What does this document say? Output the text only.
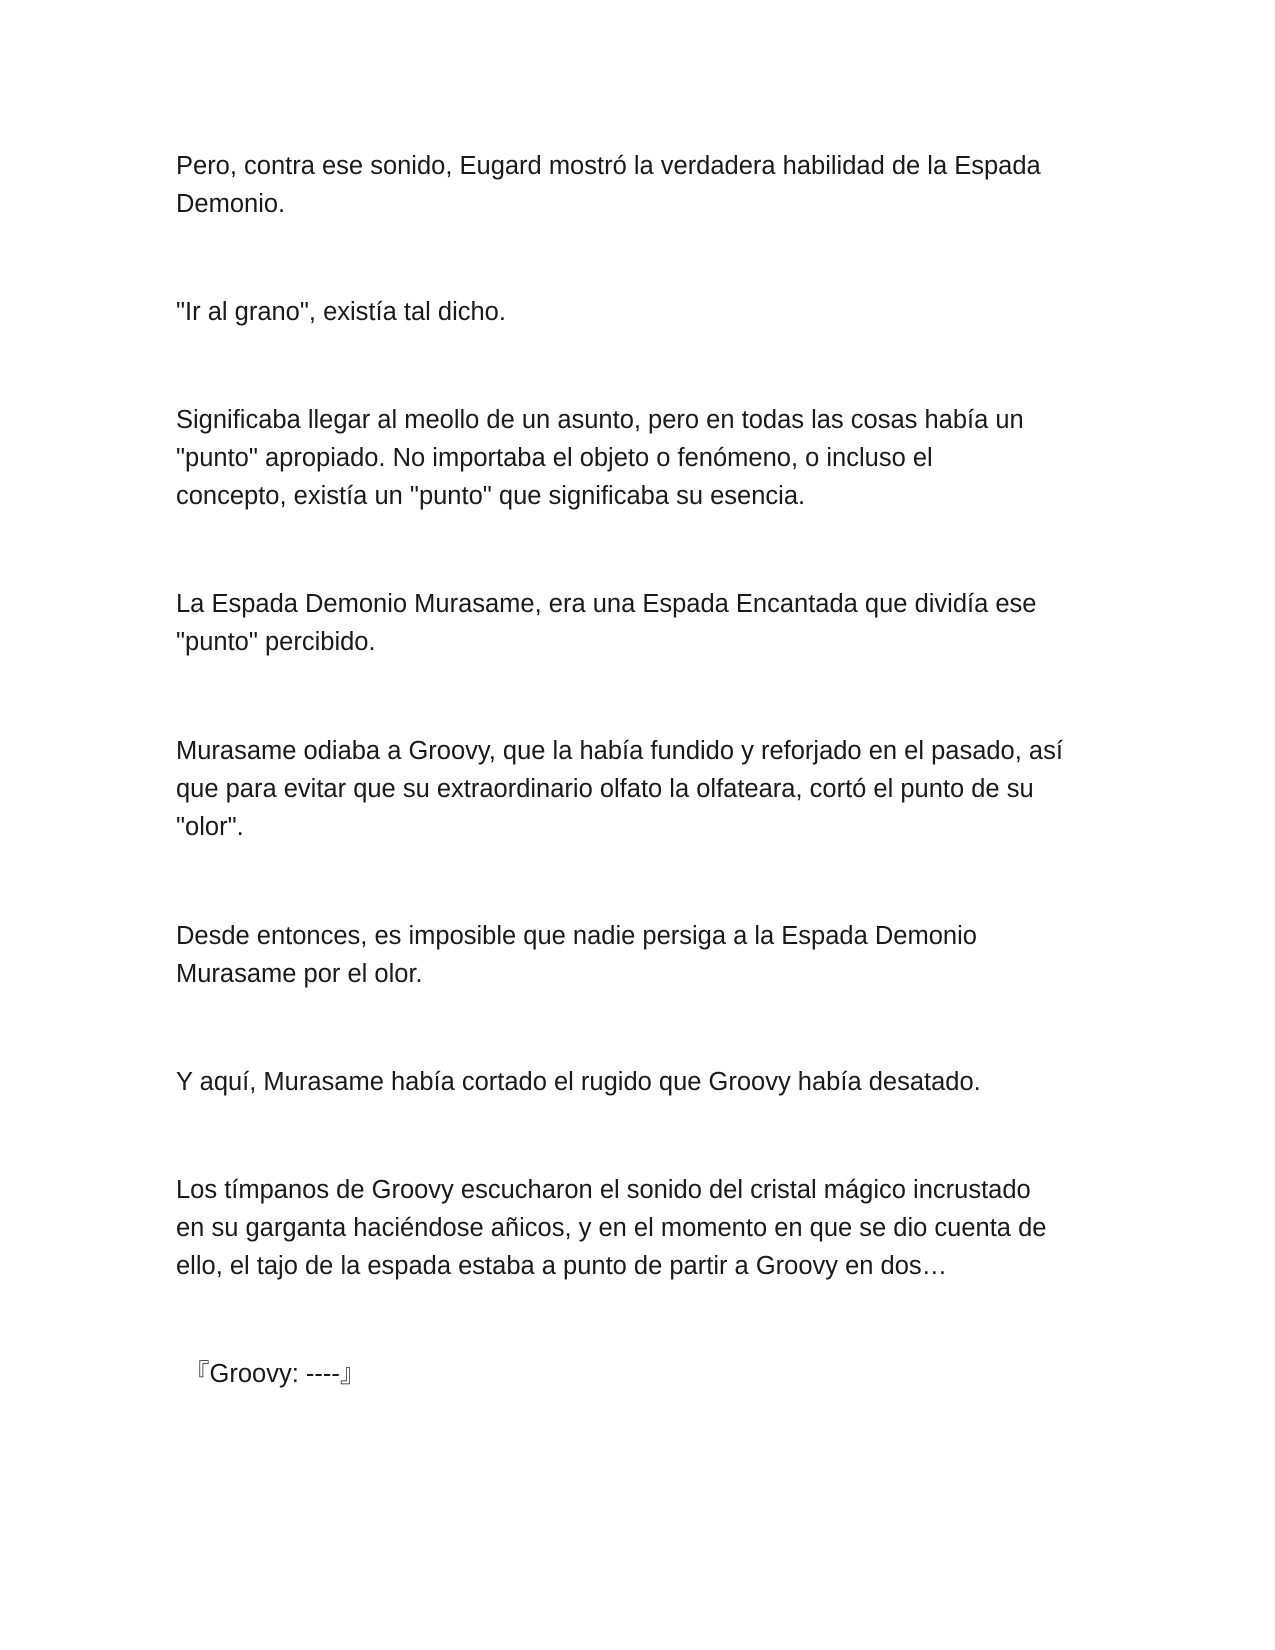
Pero, contra ese sonido, Eugard mostró la verdadera habilidad de la Espada
Demonio.

"Ir al grano", existía tal dicho.

Significaba llegar al meollo de un asunto, pero en todas las cosas había un
"punto" apropiado. No importaba el objeto o fenómeno, o incluso el
concepto, existía un "punto" que significaba su esencia.

La Espada Demonio Murasame, era una Espada Encantada que dividía ese
"punto" percibido.

Murasame odiaba a Groovy, que la había fundido y reforjado en el pasado, así
que para evitar que su extraordinario olfato la olfateara, cortó el punto de su
"olor".

Desde entonces, es imposible que nadie persiga a la Espada Demonio
Murasame por el olor.

Y aquí, Murasame había cortado el rugido que Groovy había desatado.

Los tímpanos de Groovy escucharon el sonido del cristal mágico incrustado
en su garganta haciéndose añicos, y en el momento en que se dio cuenta de
ello, el tajo de la espada estaba a punto de partir a Groovy en dos…

『Groovy: ----』
